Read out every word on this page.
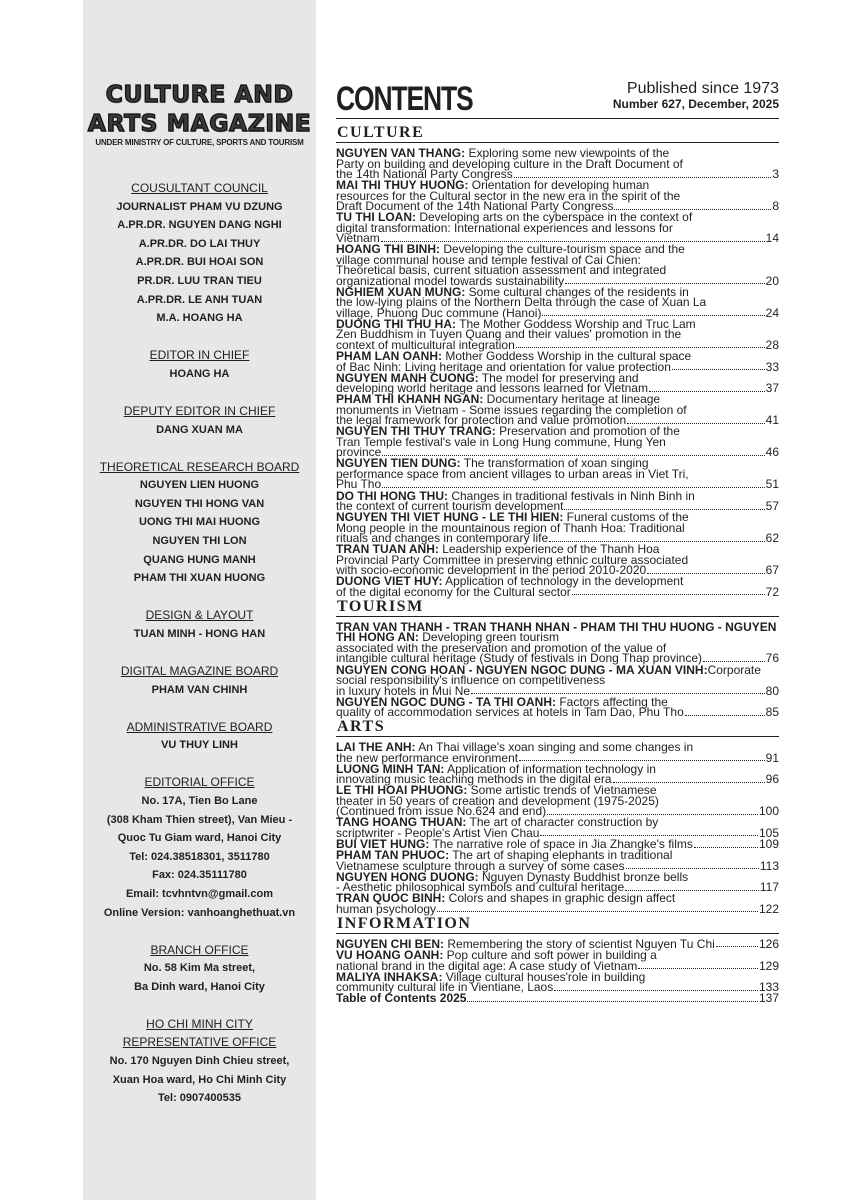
CULTURE AND
ARTS MAGAZINE
UNDER MINISTRY OF CULTURE, SPORTS AND TOURISM
COUSULTANT COUNCIL
JOURNALIST PHAM VU DZUNG
A.PR.DR. NGUYEN DANG NGHI
A.PR.DR. DO LAI THUY
A.PR.DR. BUI HOAI SON
PR.DR. LUU TRAN TIEU
A.PR.DR. LE ANH TUAN
M.A. HOANG HA
EDITOR IN CHIEF
HOANG HA
DEPUTY EDITOR IN CHIEF
DANG XUAN MA
THEORETICAL RESEARCH BOARD
NGUYEN LIEN HUONG
NGUYEN THI HONG VAN
UONG THI MAI HUONG
NGUYEN THI LON
QUANG HUNG MANH
PHAM THI XUAN HUONG
DESIGN & LAYOUT
TUAN MINH - HONG HAN
DIGITAL MAGAZINE BOARD
PHAM VAN CHINH
ADMINISTRATIVE BOARD
VU THUY LINH
EDITORIAL OFFICE
No. 17A, Tien Bo Lane
(308 Kham Thien street), Van Mieu -
Quoc Tu Giam ward, Hanoi City
Tel: 024.38518301, 3511780
Fax: 024.35111780
Email: tcvhntvn@gmail.com
Online Version: vanhoanghethuat.vn
BRANCH OFFICE
No. 58 Kim Ma street,
Ba Dinh ward, Hanoi City
HO CHI MINH CITY
REPRESENTATIVE OFFICE
No. 170 Nguyen Dinh Chieu street,
Xuan Hoa ward, Ho Chi Minh City
Tel: 0907400535
CONTENTS	Published since 1973
Number 627, December, 2025
CULTURE
NGUYEN VAN THANG: Exploring some new viewpoints of the
Party on building and developing culture in the Draft Document of
the 14th National Party Congress	3
MAI THI THUY HUONG: Orientation for developing human
resources for the Cultural sector in the new era in the spirit of the
Draft Document of the 14th National Party Congress	8
TU THI LOAN: Developing arts on the cyberspace in the context of
digital transformation: International experiences and lessons for
Vietnam	14
HOANG THI BINH: Developing the culture-tourism space and the
village communal house and temple festival of Cai Chien:
Theoretical basis, current situation assessment and integrated
organizational model towards sustainability	20
NGHIEM XUAN MUNG: Some cultural changes of the residents in
the low-lying plains of the Northern Delta through the case of Xuan La
village, Phuong Duc commune (Hanoi)	24
DUONG THI THU HA: The Mother Goddess Worship and Truc Lam
Zen Buddhism in Tuyen Quang and their values' promotion in the
context of multicultural integration	28
PHAM LAN OANH: Mother Goddess Worship in the cultural space
of Bac Ninh: Living heritage and orientation for value protection	33
NGUYEN MANH CUONG: The model for preserving and
developing world heritage and lessons learned for Vietnam	37
PHAM THI KHANH NGAN: Documentary heritage at lineage
monuments in Vietnam - Some issues regarding the completion of
the legal framework for protection and value promotion	41
NGUYEN THI THUY TRANG: Preservation and promotion of the
Tran Temple festival's vale in Long Hung commune, Hung Yen
province	46
NGUYEN TIEN DUNG: The transformation of xoan singing
performance space from ancient villages to urban areas in Viet Tri,
Phu Tho	51
DO THI HONG THU: Changes in traditional festivals in Ninh Binh in
the context of current tourism development	57
NGUYEN THI VIET HUNG - LE THI HIEN: Funeral customs of the
Mong people in the mountainous region of Thanh Hoa: Traditional
rituals and changes in contemporary life	62
TRAN TUAN ANH: Leadership experience of the Thanh Hoa
Provincial Party Committee in preserving ethnic culture associated
with socio-economic development in the period 2010-2020	67
DUONG VIET HUY: Application of technology in the development
of the digital economy for the Cultural sector	72
TOURISM
TRAN VAN THANH - TRAN THANH NHAN - PHAM THI THU HUONG - NGUYEN THI HONG AN: Developing green tourism
associated with the preservation and promotion of the value of
intangible cultural heritage (Study of festivals in Dong Thap province)	76
NGUYEN CONG HOAN - NGUYEN NGOC DUNG - MA XUAN VINH:Corporate social responsibility's influence on competitiveness
in luxury hotels in Mui Ne	80
NGUYEN NGOC DUNG - TA THI OANH: Factors affecting the
quality of accommodation services at hotels in Tam Dao, Phu Tho	85
ARTS
LAI THE ANH: An Thai village's xoan singing and some changes in
the new performance environment	91
LUONG MINH TAN: Application of information technology in
innovating music teaching methods in the digital era	96
LE THI HOAI PHUONG: Some artistic trends of Vietnamese
theater in 50 years of creation and development (1975-2025)
(Continued from issue No.624 and end)	100
TANG HOANG THUAN: The art of character construction by
scriptwriter - People's Artist Vien Chau	105
BUI VIET HUNG: The narrative role of space in Jia Zhangke's films	109
PHAM TAN PHUOC: The art of shaping elephants in traditional
Vietnamese sculpture through a survey of some cases	113
NGUYEN HONG DUONG: Nguyen Dynasty Buddhist bronze bells
- Aesthetic philosophical symbols and cultural heritage	117
TRAN QUOC BINH: Colors and shapes in graphic design affect
human psychology	122
INFORMATION
NGUYEN CHI BEN: Remembering the story of scientist Nguyen Tu Chi	126
VU HOANG OANH: Pop culture and soft power in building a
national brand in the digital age: A case study of Vietnam	129
MALIYA INHAKSA: Village cultural houses'role in building
community cultural life in Vientiane, Laos	133
Table of Contents 2025	137
